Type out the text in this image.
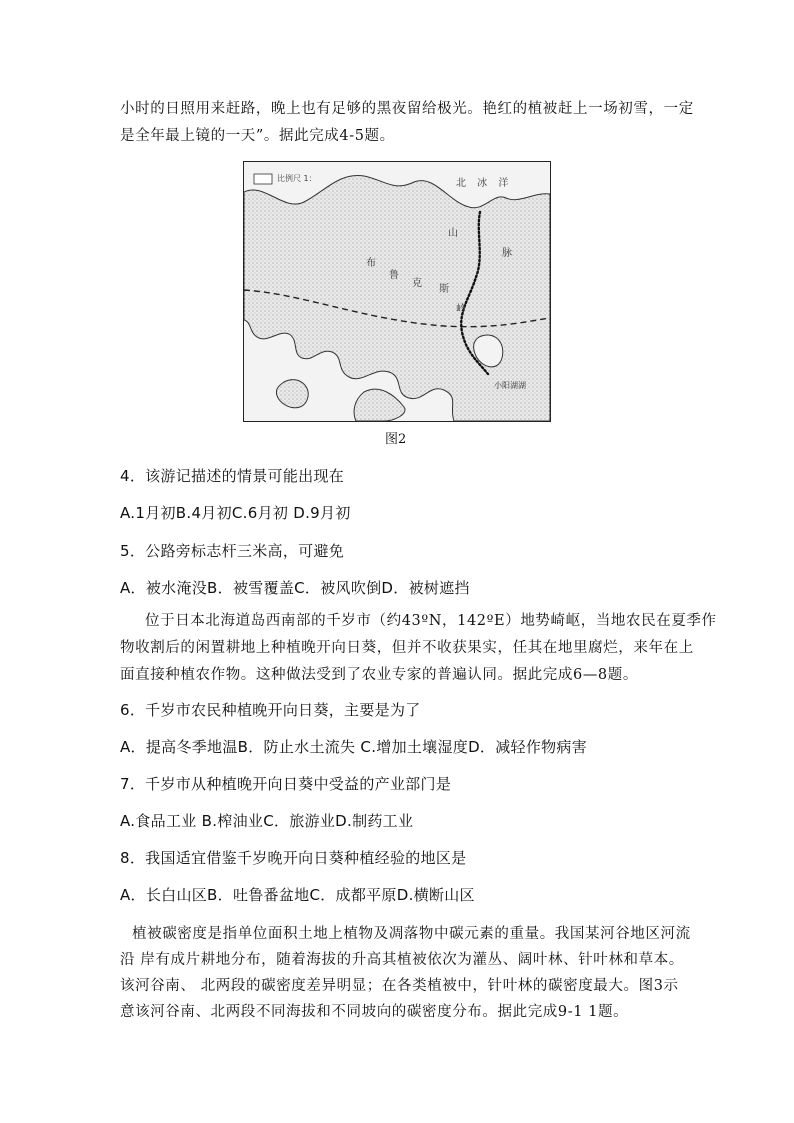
小时的日照用来赶路，晚上也有足够的黑夜留给极光。艳红的植被赶上一场初雪，一定
是全年最上镜的一天”。据此完成4-5题。
比例尺 1：	北 冰 洋
布
鲁
克
斯
山
脉
岭
小阳湖湖
图2
4．该游记描述的情景可能出现在
A.1月初B.4月初C.6月初 D.9月初
5．公路旁标志杆三米高，可避免
A．被水淹没B．被雪覆盖C．被风吹倒D．被树遮挡
位于日本北海道岛西南部的千岁市（约43ºN，142ºE）地势崎岖，当地农民在夏季作
物收割后的闲置耕地上种植晚开向日葵，但并不收获果实，任其在地里腐烂，来年在上
面直接种植农作物。这种做法受到了农业专家的普遍认同。据此完成6—8题。
6．千岁市农民种植晚开向日葵，主要是为了
A．提高冬季地温B．防止水土流失 C.增加土壤湿度D．减轻作物病害
7．千岁市从种植晚开向日葵中受益的产业部门是
A.食品工业 B.榨油业C．旅游业D.制药工业
8．我国适宜借鉴千岁晚开向日葵种植经验的地区是
A．长白山区B．吐鲁番盆地C．成都平原D.横断山区
植被碳密度是指单位面积土地上植物及凋落物中碳元素的重量。我国某河谷地区河流
沿 岸有成片耕地分布，随着海拔的升高其植被依次为灌丛、阔叶林、针叶林和草本。
该河谷南、 北两段的碳密度差异明显；在各类植被中，针叶林的碳密度最大。图3示
意该河谷南、北两段不同海拔和不同坡向的碳密度分布。据此完成9-1 1题。
